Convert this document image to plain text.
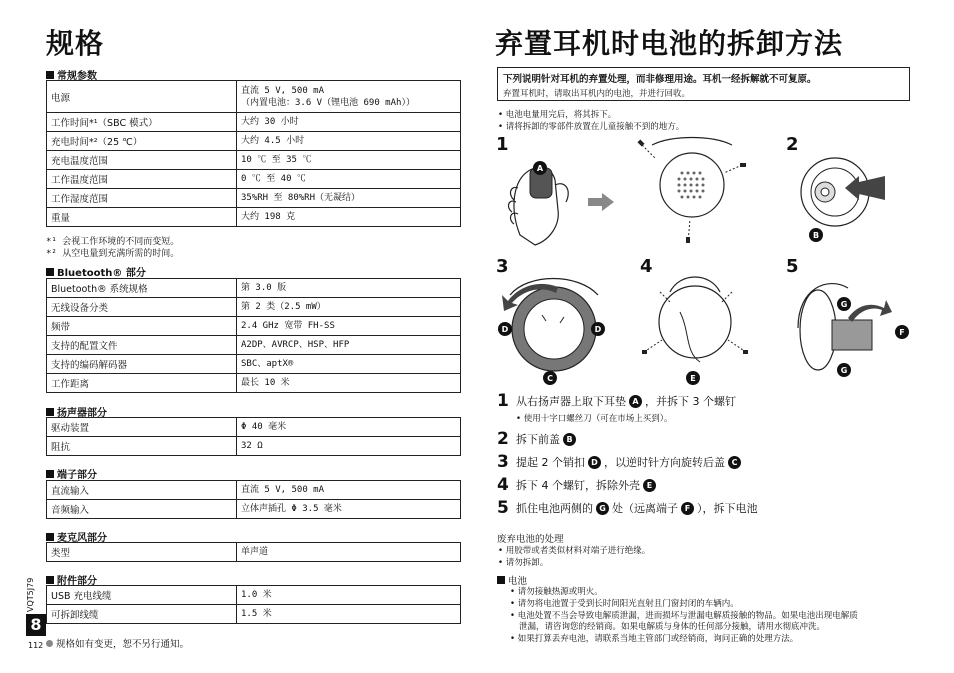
规格
常规参数
电源	直流 5 V, 500 mA
（内置电池：3.6 V（锂电池 690 mAh））

工作时间*¹（SBC 模式）	大约 30 小时
充电时间*²（25 ℃）	大约 4.5 小时
充电温度范围	10 ℃ 至 35 ℃
工作温度范围	0 ℃ 至 40 ℃
工作湿度范围	35%RH 至 80%RH（无凝结）
重量	大约 198 克
*¹ 会视工作环境的不同而变短。
*² 从空电量到充满所需的时间。
Bluetooth® 部分
Bluetooth® 系统规格	第 3.0 版
无线设备分类	第 2 类（2.5 mW）
频带	2.4 GHz 宽带 FH-SS
支持的配置文件	A2DP、AVRCP、HSP、HFP
支持的编码解码器	SBC、aptX®
工作距离	最长 10 米
扬声器部分
驱动装置	Φ 40 毫米
阻抗	32 Ω
端子部分
直流输入	直流 5 V, 500 mA
音频输入	立体声插孔 Φ 3.5 毫米
麦克风部分
类型	单声道
附件部分
USB 充电线缆	1.0 米
可拆卸线缆	1.5 米
VQT5J79
8
112	规格如有变更，恕不另行通知。
弃置耳机时电池的拆卸方法
下列说明针对耳机的弃置处理，而非修理用途。耳机一经拆解就不可复原。
弃置耳机时，请取出耳机内的电池，并进行回收。
• 电池电量用完后，将其拆下。
• 请将拆卸的零部件放置在儿童接触不到的地方。
1	2
3	4	5
A
B
D	D
C	E
G
G
F
1 从右扬声器上取下耳垫 A ，并拆下 3 个螺钉
• 使用十字口螺丝刀（可在市场上买到）。
2 拆下前盖 B
3 提起 2 个销扣 D ，以逆时针方向旋转后盖 C
4 拆下 4 个螺钉，拆除外壳 E
5 抓住电池两侧的 G 处（远离端子 F ），拆下电池
废弃电池的处理
• 用胶带或者类似材料对端子进行绝缘。
• 请勿拆卸。
电池
• 请勿接触热源或明火。
• 请勿将电池置于受到长时间阳光直射且门窗封闭的车辆内。
• 电池处置不当会导致电解质泄漏，进而损坏与泄漏电解质接触的物品。如果电池出现电解质
泄漏，请咨询您的经销商。如果电解质与身体的任何部分接触，请用水彻底冲洗。
• 如果打算丢弃电池，请联系当地主管部门或经销商，询问正确的处理方法。
